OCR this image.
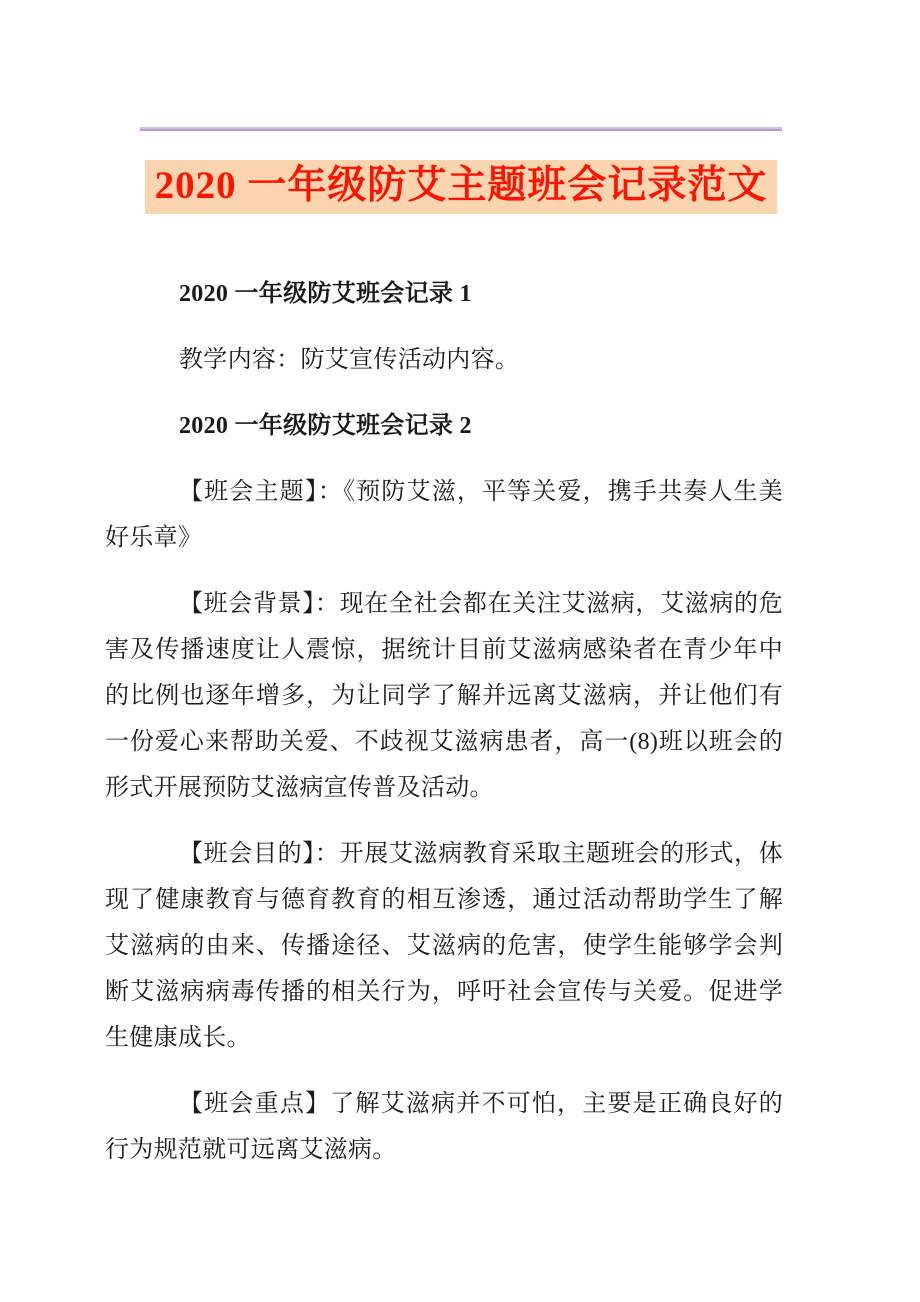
2020 一年级防艾主题班会记录范文

2020 一年级防艾班会记录 1

教学内容：防艾宣传活动内容。

2020 一年级防艾班会记录 2

【班会主题】：《预防艾滋，平等关爱，携手共奏人生美好乐章》

【班会背景】：现在全社会都在关注艾滋病，艾滋病的危害及传播速度让人震惊，据统计目前艾滋病感染者在青少年中的比例也逐年增多，为让同学了解并远离艾滋病，并让他们有一份爱心来帮助关爱、不歧视艾滋病患者，高一(8)班以班会的形式开展预防艾滋病宣传普及活动。

【班会目的】：开展艾滋病教育采取主题班会的形式，体现了健康教育与德育教育的相互渗透，通过活动帮助学生了解艾滋病的由来、传播途径、艾滋病的危害，使学生能够学会判断艾滋病病毒传播的相关行为，呼吁社会宣传与关爱。促进学生健康成长。

【班会重点】了解艾滋病并不可怕，主要是正确良好的行为规范就可远离艾滋病。
